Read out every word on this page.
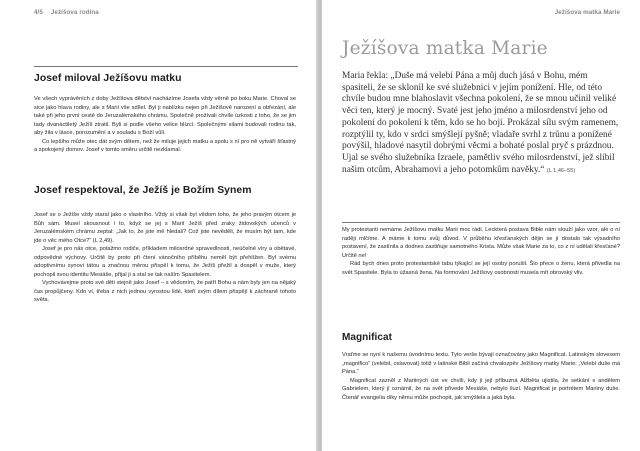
4/5 Ježíšova rodina
Josef miloval Ježíšovu matku

Ve všech vyprávěních z doby Ježíšova dětství nacházíme Josefa vždy věrně po boku Marie. Choval se sice jako hlava rodiny, ale s Marií vše sdílel. Byl ji nablízku nejen při Ježíšově narození a obřezání, ale také při jeho první cestě do Jeruzalémského chrámu. Společně prožívali chvíle úzkosti z toho, že se jim tady dvanáctiletý Ježíš ztratil. Byli si podle všeho velice blízcí. Společnými silami budovali rodinu tak, aby žila v lásce, porozumění a v souladu s Boží vůlí.

Co lepšího může otec dát svým dětem, než že miluje jejich matku a spolu s ní pro ně vytváří šťastný a spokojený domov. Josef v tomto směru určitě nezklamal.

Josef respektoval, že Ježíš je Božím Synem

Josef se o Ježíše vždy staral jako o vlastního. Vždy si však byl vědom toho, že jeho pravým otcem je Bůh sám. Musel skousnout i to, když se jej s Marií Ježíš před zraky židovských učenců v Jeruzalémském chrámu zeptal: „Jak to, že jste mě hledali? Což jste nevěděli, že musím být tam, kde jde o věc mého Otce?“ (L 2,49).

Josef je pro nás otce, potažmo rodiče, příkladem milosrdné spravedlnosti, neúčelné víry a obětavé, odpovědné výchovy. Určitě by proto při čtení vánočního příběhu neměl být přehlížen. Byl svému adoptivnímu synovi tátou a značnou měrou přispěl k tomu, že Ježíš přežil a dospěl v muže, který pochopil svou identitu Mesiáše, přijal ji a stal se tak naším Spasitelem.

Vychovávejme proto své děti stejně jako Josef – s vědomím, že patří Bohu a nám byly jen na nějaký čas propůjčeny. Kdo ví, třeba z nich jednou vyrostou lidé, kteří svým dílem přispějí k záchraně tohoto světa.

Ježíšova matka Marie
Ježíšova matka Marie
Maria řekla: „Duše má velebí Pána a můj duch jásá v Bohu, mém spasiteli, že se sklonil ke své služebnici v jejím ponížení. Hle, od této chvíle budou mne blahoslavit všechna pokolení, že se mnou učinil veliké věci ten, který je mocný. Svaté jest jeho jméno a milosrdenství jeho od pokolení do pokolení k těm, kdo se ho bojí. Prokázal sílu svým ramenem, rozptýlil ty, kdo v srdci smýšlejí pyšně; vladaře svrhl z trůnu a ponížené povýšil, hladové nasytil dobrými věcmi a bohaté poslal pryč s prázdnou. Ujal se svého služebníka Izraele, pamětliv svého milosrdenství, jež slíbil našim otcům, Abrahamovi a jeho potomkům navěky.“ (L 1,46–55)

My protestanti nemáme Ježíšovu matku Marii moc rádi. Leckterá postava Bible nám slouží jako vzor, ale o ní raději mlčíme. A máme k tomu svůj důvod. V průběhu křesťanských dějin se jí dostalo tak výsadního postavení, že zastínila a dodnes zastiňuje samotného Krista. Může však Marie za to, co z ní udělali křesťané? Určitě ne!

Rád bych dnes proto protestantské tabu týkající se její osoby porušil. Šlo přece o ženu, která přivedla na svět Spasitele. Byla to úžasná žena. Na formování Ježíšovy osobnosti musela mít obrovský vliv.

Magnificat

Vraťme se nyní k našemu úvodnímu textu. Tyto verše bývají označovány jako Magnificat. Latinským slovesem „magnifico“ (velebit, oslavovat) totiž v latinské Bibli začíná chvalozpěv Ježíšovy matky Marie: „Velebí duše má Pána.“

Magnificat zazněl z Mariiných úst ve chvíli, kdy ji její příbuzná Alžběta ujistila, že setkání s andělem Gabrielem, který jí oznámil, že na svět přivede Mesiáše, nebylo iluzí. Magnificat je portrétem Mariiny duše. Čtenář evangelia díky němu může pochopit, jak smýšlela a jaká byla.
